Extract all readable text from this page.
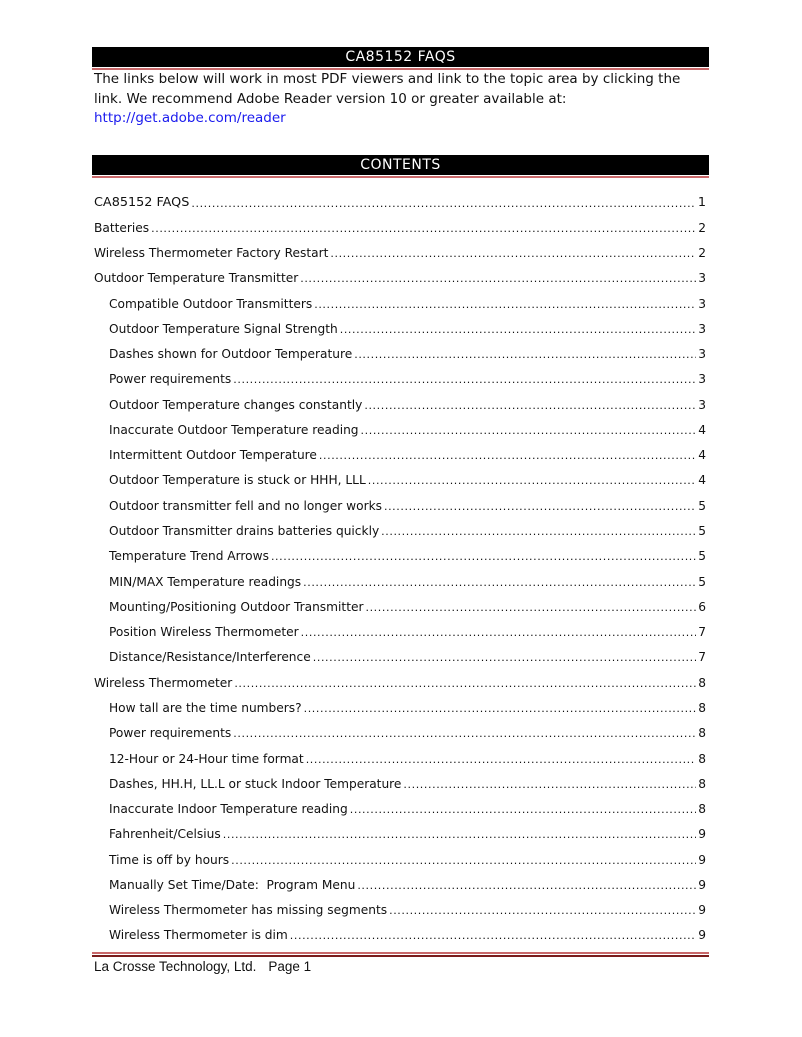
CA85152 FAQS
The links below will work in most PDF viewers and link to the topic area by clicking the link. We recommend Adobe Reader version 10 or greater available at:
http://get.adobe.com/reader
CONTENTS
CA85152 FAQS .....	1
Batteries .....	2
Wireless Thermometer Factory Restart .....	2
Outdoor Temperature Transmitter .....	3
Compatible Outdoor Transmitters .....	3
Outdoor Temperature Signal Strength .....	3
Dashes shown for Outdoor Temperature .....	3
Power requirements .....	3
Outdoor Temperature changes constantly .....	3
Inaccurate Outdoor Temperature reading .....	4
Intermittent Outdoor Temperature .....	4
Outdoor Temperature is stuck or HHH, LLL .....	4
Outdoor transmitter fell and no longer works .....	5
Outdoor Transmitter drains batteries quickly .....	5
Temperature Trend Arrows .....	5
MIN/MAX Temperature readings .....	5
Mounting/Positioning Outdoor Transmitter .....	6
Position Wireless Thermometer .....	7
Distance/Resistance/Interference .....	7
Wireless Thermometer .....	8
How tall are the time numbers? .....	8
Power requirements .....	8
12-Hour or 24-Hour time format .....	8
Dashes, HH.H, LL.L or stuck Indoor Temperature .....	8
Inaccurate Indoor Temperature reading .....	8
Fahrenheit/Celsius .....	9
Time is off by hours .....	9
Manually Set Time/Date:  Program Menu .....	9
Wireless Thermometer has missing segments .....	9
Wireless Thermometer is dim .....	9
La Crosse Technology, Ltd. Page 1
